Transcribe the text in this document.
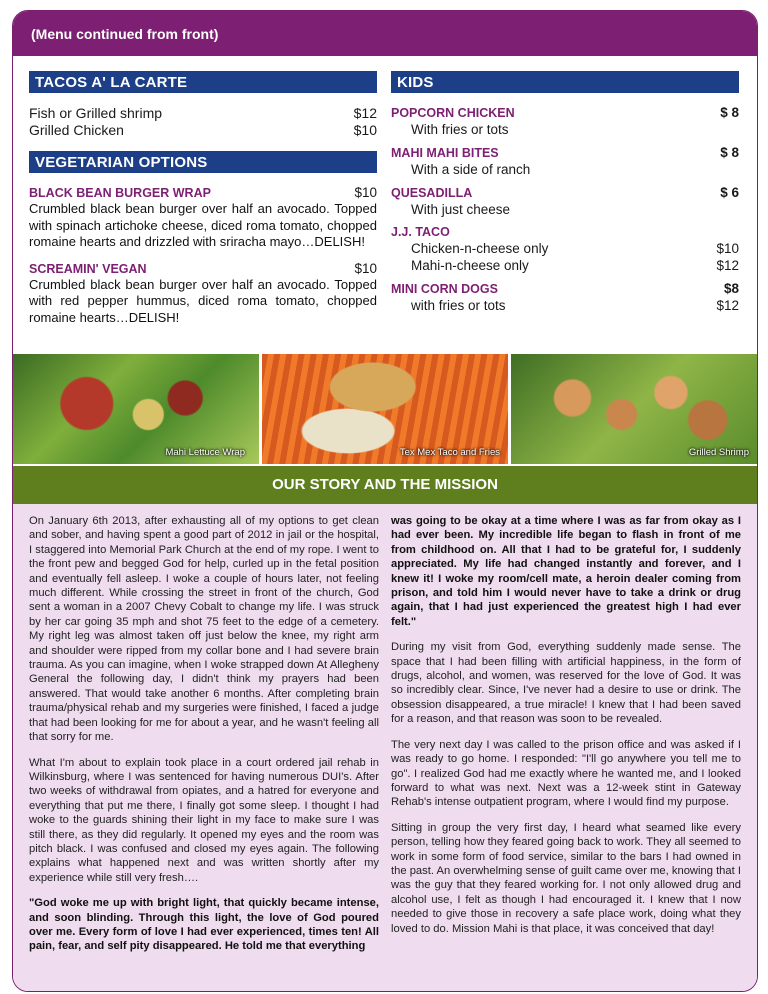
(Menu continued from front)
TACOS A' LA CARTE
Fish or Grilled shrimp	$12
Grilled Chicken	$10
VEGETARIAN OPTIONS
BLACK BEAN BURGER WRAP	$10
Crumbled black bean burger over half an avocado. Topped with spinach artichoke cheese, diced roma tomato, chopped romaine hearts and drizzled with sriracha mayo…DELISH!
SCREAMIN' VEGAN	$10
Crumbled black bean burger over half an avocado. Topped with red pepper hummus, diced roma tomato, chopped romaine hearts…DELISH!
KIDS
POPCORN CHICKEN	$ 8
With fries or tots
MAHI MAHI BITES	$ 8
With a side of ranch
QUESADILLA	$ 6
With just cheese
J.J. TACO
Chicken-n-cheese only	$10
Mahi-n-cheese only	$12
MINI CORN DOGS	$8
with fries or tots	$12
Mahi Lettuce Wrap	Tex Mex Taco and Fries	Grilled Shrimp
OUR STORY AND THE MISSION

On January 6th 2013, after exhausting all of my options to get clean and sober, and having spent a good part of 2012 in jail or the hospital, I staggered into Memorial Park Church at the end of my rope. I went to the front pew and begged God for help, curled up in the fetal position and eventually fell asleep. I woke a couple of hours later, not feeling much different. While crossing the street in front of the church, God sent a woman in a 2007 Chevy Cobalt to change my life. I was struck by her car going 35 mph and shot 75 feet to the edge of a cemetery. My right leg was almost taken off just below the knee, my right arm and shoulder were ripped from my collar bone and I had severe brain trauma. As you can imagine, when I woke strapped down At Allegheny General the following day, I didn't think my prayers had been answered. That would take another 6 months. After completing brain trauma/physical rehab and my surgeries were finished, I faced a judge that had been looking for me for about a year, and he wasn't feeling all that sorry for me.

What I'm about to explain took place in a court ordered jail rehab in Wilkinsburg, where I was sentenced for having numerous DUI's. After two weeks of withdrawal from opiates, and a hatred for everyone and everything that put me there, I finally got some sleep. I thought I had woke to the guards shining their light in my face to make sure I was still there, as they did regularly. It opened my eyes and the room was pitch black. I was confused and closed my eyes again. The following explains what happened next and was written shortly after my experience while still very fresh….

"God woke me up with bright light, that quickly became intense, and soon blinding. Through this light, the love of God poured over me. Every form of love I had ever experienced, times ten! All pain, fear, and self pity disappeared. He told me that everything

was going to be okay at a time where I was as far from okay as I had ever been. My incredible life began to flash in front of me from childhood on. All that I had to be grateful for, I suddenly appreciated. My life had changed instantly and forever, and I knew it! I woke my room/cell mate, a heroin dealer coming from prison, and told him I would never have to take a drink or drug again, that I had just experienced the greatest high I had ever felt."

During my visit from God, everything suddenly made sense. The space that I had been filling with artificial happiness, in the form of drugs, alcohol, and women, was reserved for the love of God. It was so incredibly clear. Since, I've never had a desire to use or drink. The obsession disappeared, a true miracle! I knew that I had been saved for a reason, and that reason was soon to be revealed.

The very next day I was called to the prison office and was asked if I was ready to go home. I responded: "I'll go anywhere you tell me to go". I realized God had me exactly where he wanted me, and I looked forward to what was next. Next was a 12-week stint in Gateway Rehab's intense outpatient program, where I would find my purpose.

Sitting in group the very first day, I heard what seamed like every person, telling how they feared going back to work. They all seemed to work in some form of food service, similar to the bars I had owned in the past. An overwhelming sense of guilt came over me, knowing that I was the guy that they feared working for. I not only allowed drug and alcohol use, I felt as though I had encouraged it. I knew that I now needed to give those in recovery a safe place work, doing what they loved to do. Mission Mahi is that place, it was conceived that day!
